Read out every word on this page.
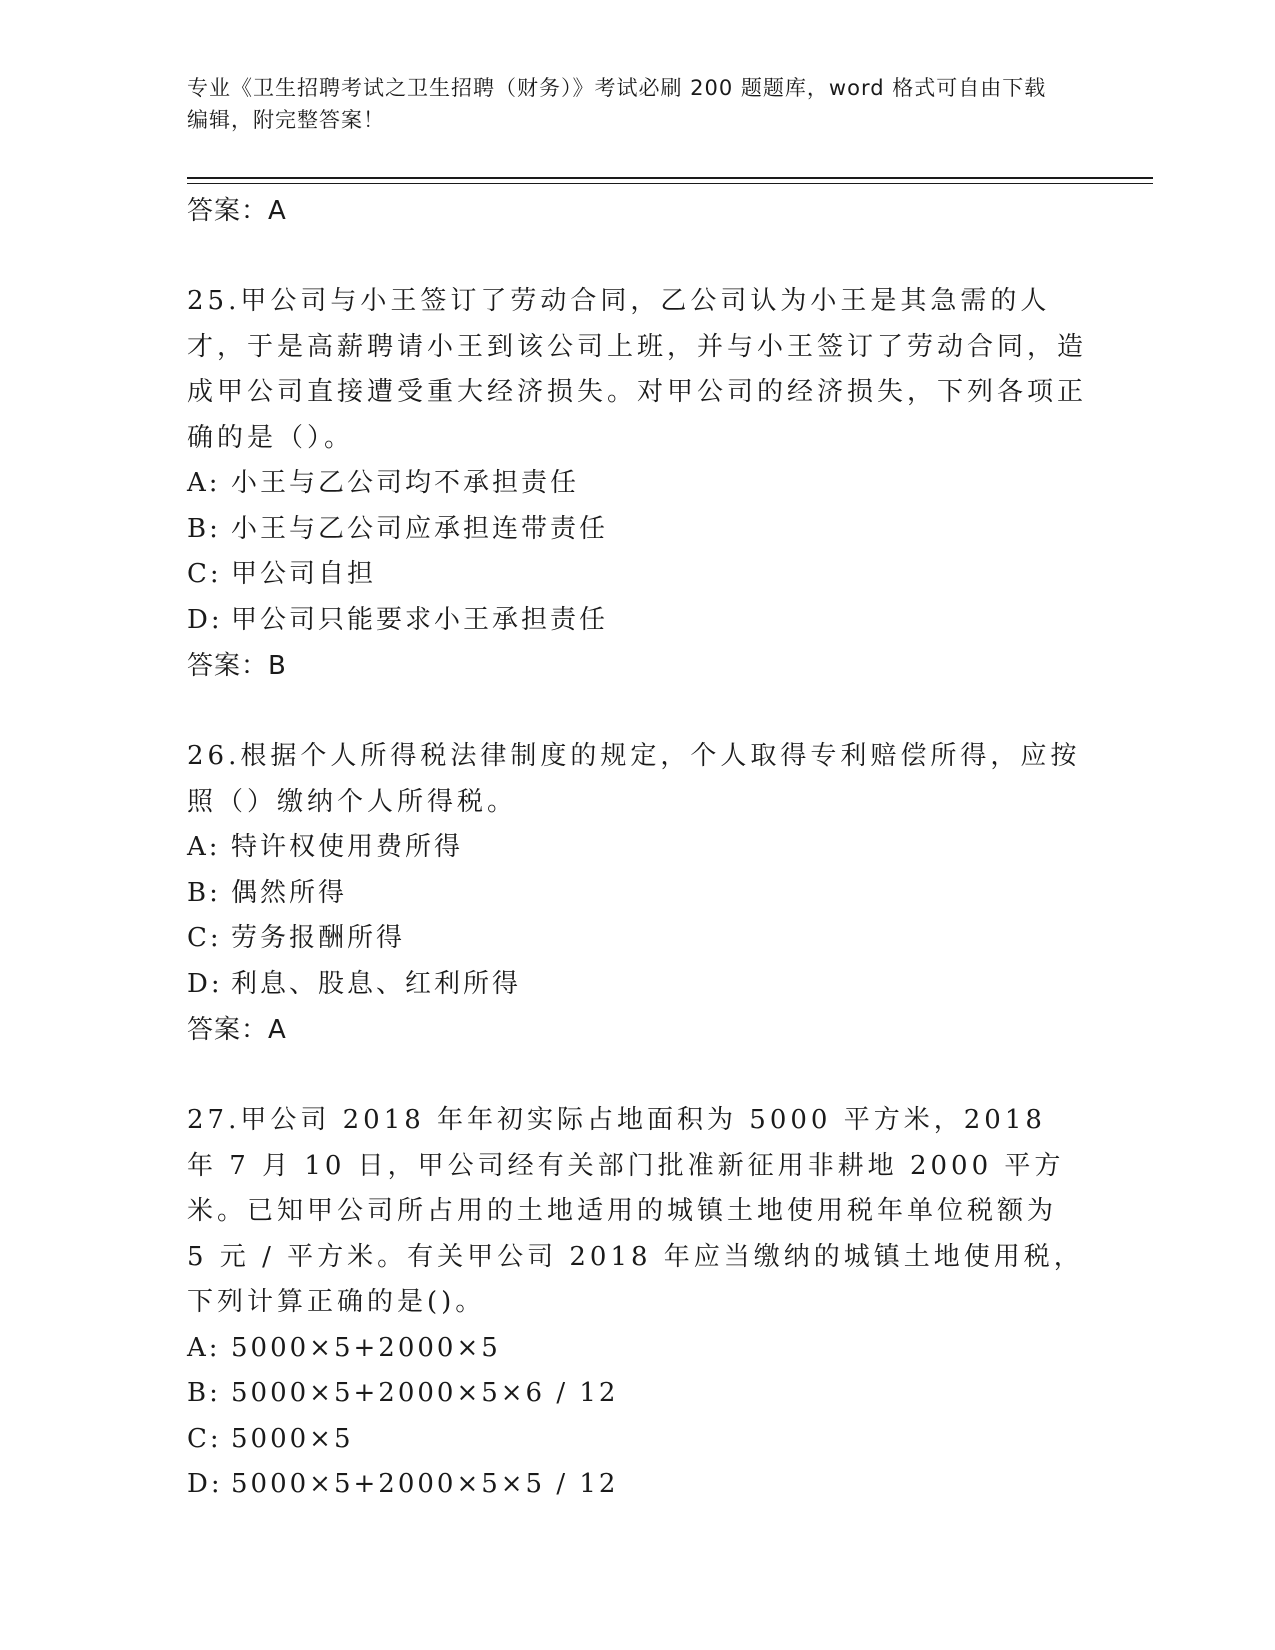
专业《卫生招聘考试之卫生招聘（财务）》考试必刷 200 题题库，word 格式可自由下载编辑，附完整答案！
答案：A
25.甲公司与小王签订了劳动合同，乙公司认为小王是其急需的人才，于是高薪聘请小王到该公司上班，并与小王签订了劳动合同，造成甲公司直接遭受重大经济损失。对甲公司的经济损失，下列各项正确的是（）。
A: 小王与乙公司均不承担责任
B: 小王与乙公司应承担连带责任
C: 甲公司自担
D: 甲公司只能要求小王承担责任
答案：B
26.根据个人所得税法律制度的规定，个人取得专利赔偿所得，应按照（）缴纳个人所得税。
A: 特许权使用费所得
B: 偶然所得
C: 劳务报酬所得
D: 利息、股息、红利所得
答案：A
27.甲公司 2018 年年初实际占地面积为 5000 平方米，2018 年 7 月 10 日，甲公司经有关部门批准新征用非耕地 2000 平方米。已知甲公司所占用的土地适用的城镇土地使用税年单位税额为 5 元 / 平方米。有关甲公司 2018 年应当缴纳的城镇土地使用税，下列计算正确的是()。
A: 5000×5+2000×5
B: 5000×5+2000×5×6 / 12
C: 5000×5
D: 5000×5+2000×5×5 / 12
